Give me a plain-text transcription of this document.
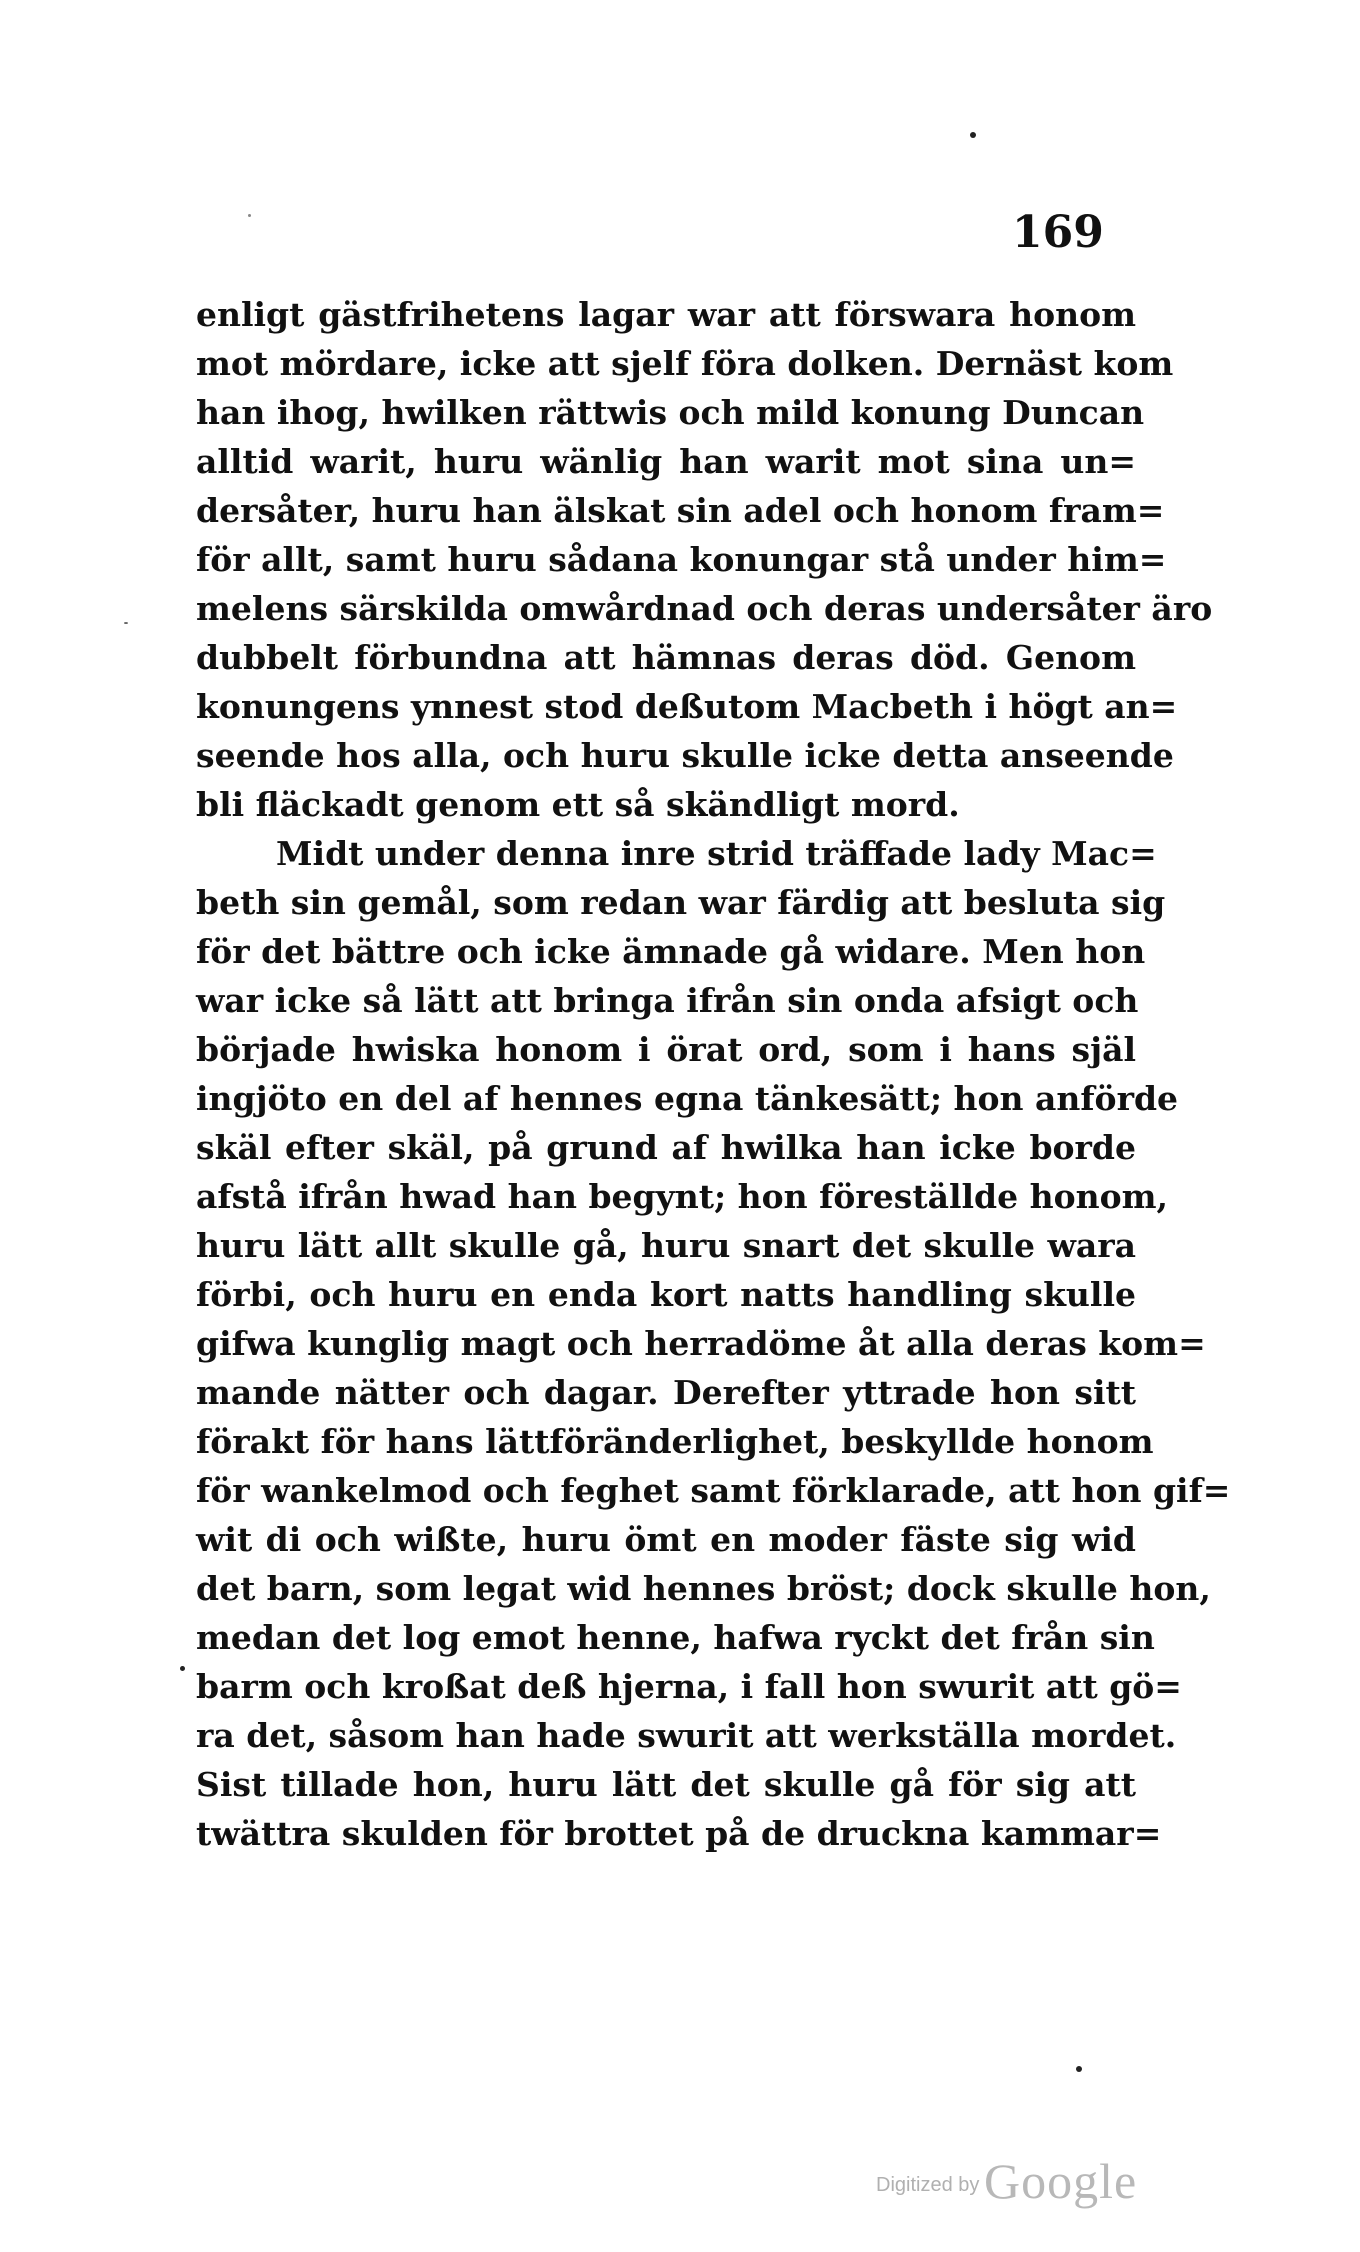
169
enligt gästfrihetens lagar war att förswara honom
mot mördare, icke att sjelf föra dolken. Dernäst kom
han ihog, hwilken rättwis och mild konung Duncan
alltid warit, huru wänlig han warit mot sina un=
dersåter, huru han älskat sin adel och honom fram=
för allt, samt huru sådana konungar stå under him=
melens särskilda omwårdnad och deras undersåter äro
dubbelt förbundna att hämnas deras död. Genom
konungens ynnest stod deßutom Macbeth i högt an=
seende hos alla, och huru skulle icke detta anseende
bli fläckadt genom ett så skändligt mord.
Midt under denna inre strid träffade lady Mac=
beth sin gemål, som redan war färdig att besluta sig
för det bättre och icke ämnade gå widare. Men hon
war icke så lätt att bringa ifrån sin onda afsigt och
började hwiska honom i örat ord, som i hans själ
ingjöto en del af hennes egna tänkesätt; hon anförde
skäl efter skäl, på grund af hwilka han icke borde
afstå ifrån hwad han begynt; hon föreställde honom,
huru lätt allt skulle gå, huru snart det skulle wara
förbi, och huru en enda kort natts handling skulle
gifwa kunglig magt och herradöme åt alla deras kom=
mande nätter och dagar. Derefter yttrade hon sitt
förakt för hans lättföränderlighet, beskyllde honom
för wankelmod och feghet samt förklarade, att hon gif=
wit di och wißte, huru ömt en moder fäste sig wid
det barn, som legat wid hennes bröst; dock skulle hon,
medan det log emot henne, hafwa ryckt det från sin
barm och kroßat deß hjerna, i fall hon swurit att gö=
ra det, såsom han hade swurit att werkställa mordet.
Sist tillade hon, huru lätt det skulle gå för sig att
twättra skulden för brottet på de druckna kammar=
Digitized by Google
